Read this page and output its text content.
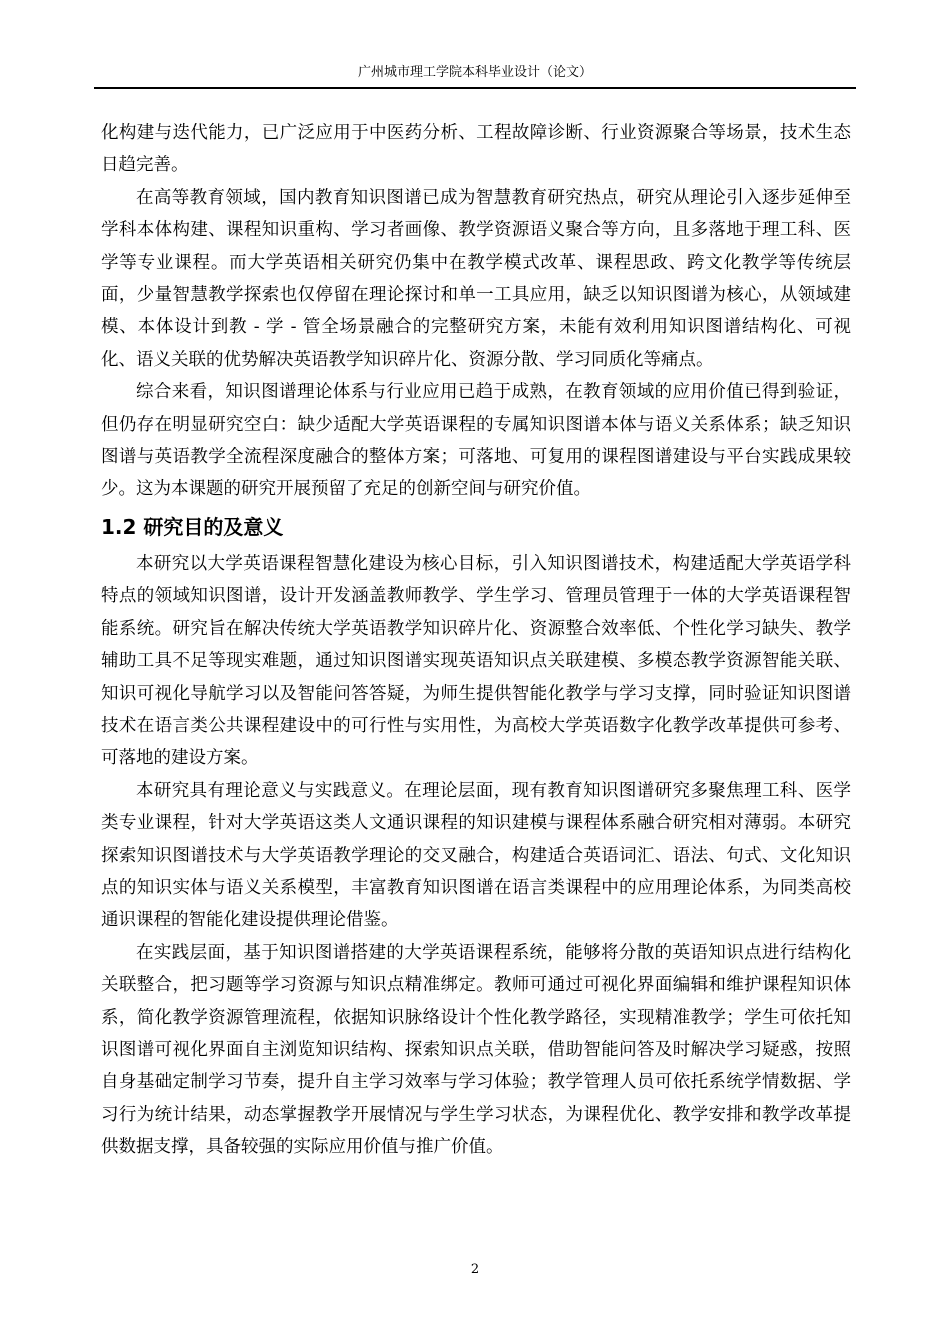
广州城市理工学院本科毕业设计（论文）

化构建与迭代能力，已广泛应用于中医药分析、工程故障诊断、行业资源聚合等场景，技术生态日趋完善。

在高等教育领域，国内教育知识图谱已成为智慧教育研究热点，研究从理论引入逐步延伸至学科本体构建、课程知识重构、学习者画像、教学资源语义聚合等方向，且多落地于理工科、医学等专业课程。而大学英语相关研究仍集中在教学模式改革、课程思政、跨文化教学等传统层面，少量智慧教学探索也仅停留在理论探讨和单一工具应用，缺乏以知识图谱为核心，从领域建模、本体设计到教 - 学 - 管全场景融合的完整研究方案，未能有效利用知识图谱结构化、可视化、语义关联的优势解决英语教学知识碎片化、资源分散、学习同质化等痛点。

综合来看，知识图谱理论体系与行业应用已趋于成熟，在教育领域的应用价值已得到验证，但仍存在明显研究空白：缺少适配大学英语课程的专属知识图谱本体与语义关系体系；缺乏知识图谱与英语教学全流程深度融合的整体方案；可落地、可复用的课程图谱建设与平台实践成果较少。这为本课题的研究开展预留了充足的创新空间与研究价值。

1.2 研究目的及意义

本研究以大学英语课程智慧化建设为核心目标，引入知识图谱技术，构建适配大学英语学科特点的领域知识图谱，设计开发涵盖教师教学、学生学习、管理员管理于一体的大学英语课程智能系统。研究旨在解决传统大学英语教学知识碎片化、资源整合效率低、个性化学习缺失、教学辅助工具不足等现实难题，通过知识图谱实现英语知识点关联建模、多模态教学资源智能关联、知识可视化导航学习以及智能问答答疑，为师生提供智能化教学与学习支撑，同时验证知识图谱技术在语言类公共课程建设中的可行性与实用性，为高校大学英语数字化教学改革提供可参考、可落地的建设方案。

本研究具有理论意义与实践意义。在理论层面，现有教育知识图谱研究多聚焦理工科、医学类专业课程，针对大学英语这类人文通识课程的知识建模与课程体系融合研究相对薄弱。本研究探索知识图谱技术与大学英语教学理论的交叉融合，构建适合英语词汇、语法、句式、文化知识点的知识实体与语义关系模型，丰富教育知识图谱在语言类课程中的应用理论体系，为同类高校通识课程的智能化建设提供理论借鉴。

在实践层面，基于知识图谱搭建的大学英语课程系统，能够将分散的英语知识点进行结构化关联整合，把习题等学习资源与知识点精准绑定。教师可通过可视化界面编辑和维护课程知识体系，简化教学资源管理流程，依据知识脉络设计个性化教学路径，实现精准教学；学生可依托知识图谱可视化界面自主浏览知识结构、探索知识点关联，借助智能问答及时解决学习疑惑，按照自身基础定制学习节奏，提升自主学习效率与学习体验；教学管理人员可依托系统学情数据、学习行为统计结果，动态掌握教学开展情况与学生学习状态，为课程优化、教学安排和教学改革提供数据支撑，具备较强的实际应用价值与推广价值。

2
